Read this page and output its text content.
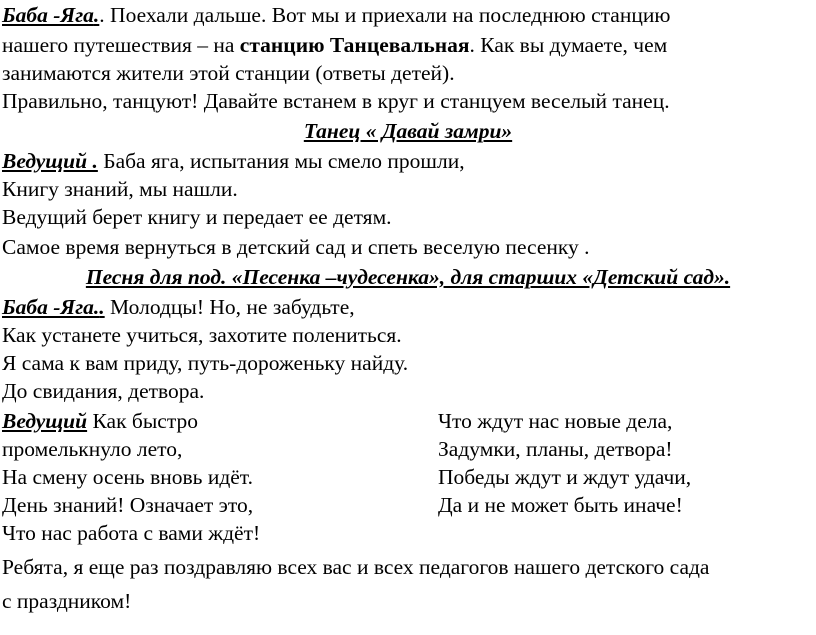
Баба -Яга.. Поехали дальше. Вот мы и приехали на последнюю станцию
нашего путешествия – на станцию Танцевальная. Как вы думаете, чем
занимаются жители этой станции (ответы детей).
Правильно, танцуют! Давайте встанем в круг и станцуем веселый танец.
Танец « Давай замри»
Ведущий . Баба яга, испытания мы смело прошли,
Книгу знаний, мы нашли.
Ведущий берет книгу и передает ее детям.
Самое время вернуться в детский сад и спеть веселую песенку .
Песня для под. «Песенка –чудесенка», для старших «Детский сад».
Баба -Яга.. Молодцы! Но, не забудьте,
Как устанете учиться, захотите полениться.
Я сама к вам приду, путь-дороженьку найду.
До свидания, детвора.
Ведущий Как быстро
промелькнуло лето,
На смену осень вновь идёт.
День знаний! Означает это,
Что нас работа с вами ждёт!
Что ждут нас новые дела,
Задумки, планы, детвора!
Победы ждут и ждут удачи,
Да и не может быть иначе!
Ребята, я еще раз поздравляю всех вас и всех педагогов нашего детского сада
с праздником!
